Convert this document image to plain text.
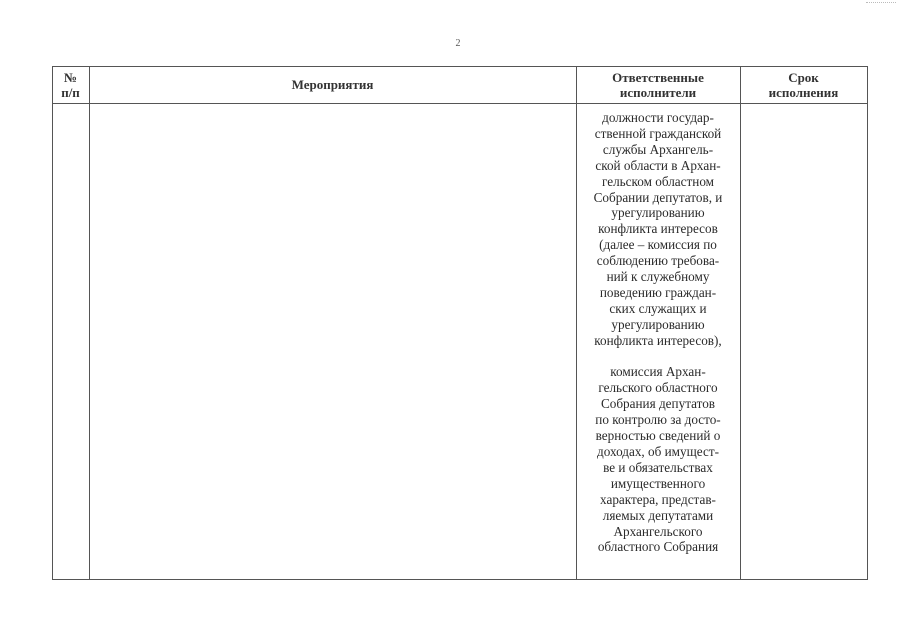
2
№
п/п	Мероприятия	Ответственные
исполнители
Срок
исполнения
должности государ-
ственной гражданской
службы Архангель-
ской области в Архан-
гельском областном
Собрании депутатов, и
урегулированию
конфликта интересов
(далее – комиссия по
соблюдению требова-
ний к служебному
поведению граждан-
ских служащих и
урегулированию
конфликта интересов),
комиссия Архан-
гельского областного
Собрания депутатов
по контролю за досто-
верностью сведений о
доходах, об имущест-
ве и обязательствах
имущественного
характера, представ-
ляемых депутатами
Архангельского
областного Собрания
